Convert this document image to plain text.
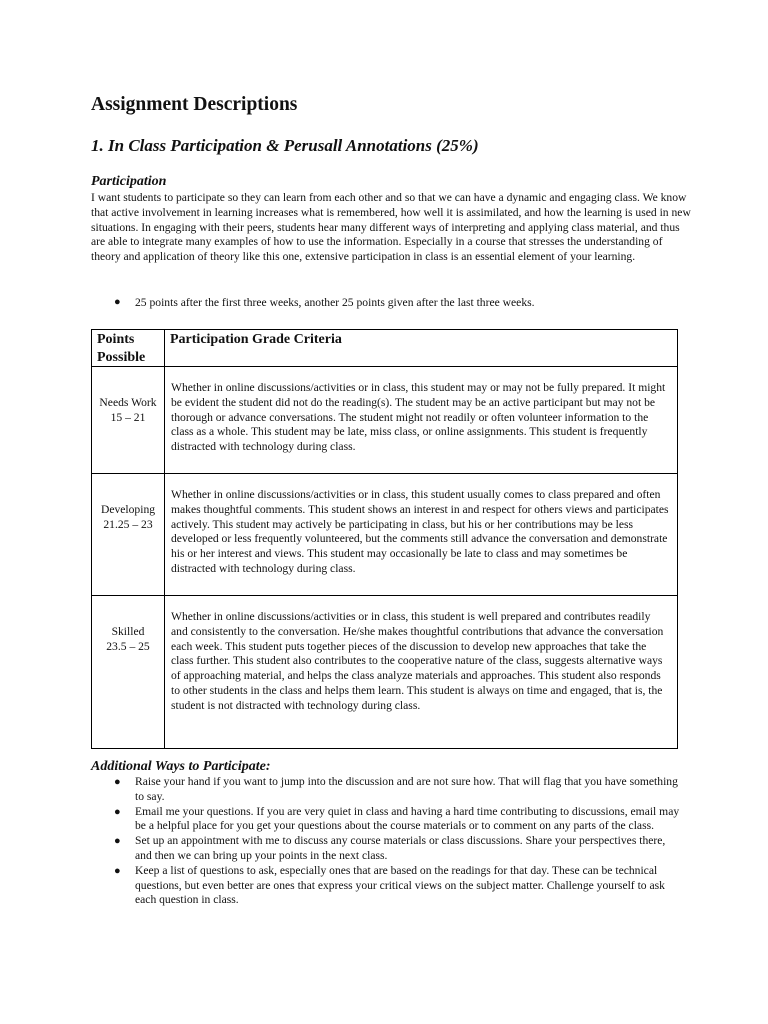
Assignment Descriptions
1. In Class Participation & Perusall Annotations (25%)
Participation

I want students to participate so they can learn from each other and so that we can have a dynamic and engaging class. We know that active involvement in learning increases what is remembered, how well it is assimilated, and how the learning is used in new situations. In engaging with their peers, students hear many different ways of interpreting and applying class material, and thus are able to integrate many examples of how to use the information. Especially in a course that stresses the understanding of theory and application of theory like this one, extensive participation in class is an essential element of your learning.

● 25 points after the first three weeks, another 25 points given after the last three weeks.
Points Possible	Participation Grade Criteria

Needs Work
15 – 21	Whether in online discussions/activities or in class, this student may or may not be fully prepared. It might be evident the student did not do the reading(s). The student may be an active participant but may not be thorough or advance conversations. The student might not readily or often volunteer information to the class as a whole. This student may be late, miss class, or online assignments. This student is frequently distracted with technology during class.

Developing
21.25 – 23	Whether in online discussions/activities or in class, this student usually comes to class prepared and often makes thoughtful comments. This student shows an interest in and respect for others views and participates actively. This student may actively be participating in class, but his or her contributions may be less developed or less frequently volunteered, but the comments still advance the conversation and demonstrate his or her interest and views. This student may occasionally be late to class and may sometimes be distracted with technology during class.

Skilled
23.5 – 25	Whether in online discussions/activities or in class, this student is well prepared and contributes readily and consistently to the conversation. He/she makes thoughtful contributions that advance the conversation each week. This student puts together pieces of the discussion to develop new approaches that take the class further. This student also contributes to the cooperative nature of the class, suggests alternative ways of approaching material, and helps the class analyze materials and approaches. This student also responds to other students in the class and helps them learn. This student is always on time and engaged, that is, the student is not distracted with technology during class.
Additional Ways to Participate:
● Raise your hand if you want to jump into the discussion and are not sure how. That will flag that you have something to say.
● Email me your questions. If you are very quiet in class and having a hard time contributing to discussions, email may be a helpful place for you get your questions about the course materials or to comment on any parts of the class.
● Set up an appointment with me to discuss any course materials or class discussions. Share your perspectives there, and then we can bring up your points in the next class.
● Keep a list of questions to ask, especially ones that are based on the readings for that day. These can be technical questions, but even better are ones that express your critical views on the subject matter. Challenge yourself to ask each question in class.
